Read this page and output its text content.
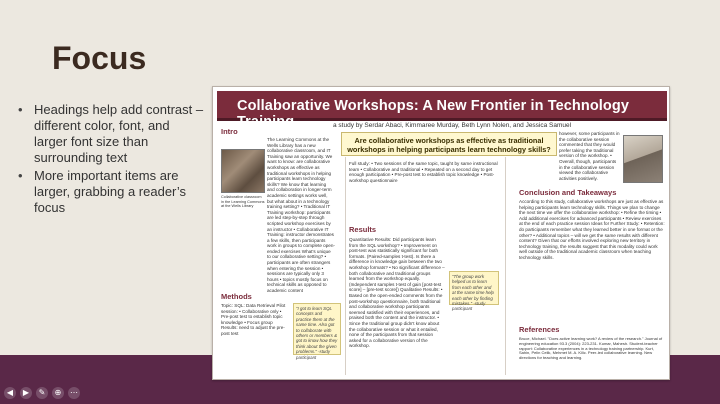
Focus
• Headings help add contrast – different color, font, and larger font size than surrounding text
• More important items are larger, grabbing a reader’s focus
Collaborative Workshops: A New Frontier in Technology Training	a study by Serdar Abaci, Kimmaree Murday, Beth Lynn Nolen, and Jessica Samuel
Are collaborative workshops as effective as traditional workshops in helping participants learn technology skills?
Intro
The Learning Commons at the Wells Library has a new collaborative classroom, and IT Training saw an opportunity. We want to know: are collaborative workshops as effective as traditional workshops in helping participants learn technology skills? We know that learning and collaboration in longer-term academic settings works well, but what about in a technology training setting? • Traditional IT Training workshop: participants are led step-by-step through scripted workshop exercises by an instructor • Collaborative IT Training: instructor demonstrates a few skills, then participants work in groups to complete open-ended exercises What's unique to our collaborative setting? • participants are often strangers when entering the session • sessions are typically only 3 hours • topics mostly focus on technical skills as opposed to academic content
Collaborative classroom in the Learning Commons at the Wells Library
Methods
Topic: SQL: Data Retrieval Pilot session: • Collaborative only • Pre-post test to establish topic knowledge • Focus group Results: need to adjust the pre-post test
"I got to learn SQL concepts and practice them at the same time. Also got to collaborate with others or members & got to know how they think about the given problems." -study participant
Full study: • Two sessions of the same topic, taught by same instructional team • Collaborative and traditional • Repeated on a second day to get enough participation • Pre-post test to establish topic knowledge • Post-workshop questionnaire
Results
Quantitative Results: Did participants learn from the SQL workshop? • Improvement on post-test was statistically significant for both formats. (Paired-samples t-test). Is there a difference in knowledge gain between the two workshop formats? • No significant difference – both collaborative and traditional groups learned from the workshop equally. (Independent samples t-test of gain [post-test score] – [pre-test score]) Qualitative Results: • Based on the open-ended comments from the post-workshop questionnaire, both traditional and collaborative workshop participants seemed satisfied with their experiences, and praised both the content and the instructor. • Since the traditional group didn't know about the collaborative session or what it entailed, none of the participants from that session asked for a collaborative version of the workshop.
"The group work helped us to learn from each other and at the same time help each other by finding mistakes." -study participant
however, some participants in the collaborative session commented that they would prefer taking the traditional version of the workshop. • Overall, though, participants in the collaborative session viewed the collaborative activities positively.
Conclusion and Takeaways
According to this study, collaborative workshops are just as effective as helping participants learn technology skills. Things we plan to change the next time we offer the collaborative workshop: • Refine the timing • Add additional exercises for advanced participants • Review exercises at the end of each practice session Ideas for Further Study: • Retention: do participants remember what they learned better in one format or the other? • Additional topics – will we get the same results with different content? Given that our efforts involved exploring new territory in technology training, the results suggest that this modality could work well outside of the traditional academic classroom when teaching technology skills.
References
Bruce, Michael. "Does active learning work? A review of the research." Journal of engineering education 93.3 (2004): 223-231. Kumar, Mahesh. Student-teacher rapport: Collaborative experiences in a technology training partnership. Kurt, Sahin, Pelin Celik, Mehmet M. A. Kilic. Peer-led collaborative learning. New directions for teaching and learning.
◀	▶	✎	⊕	⋯
